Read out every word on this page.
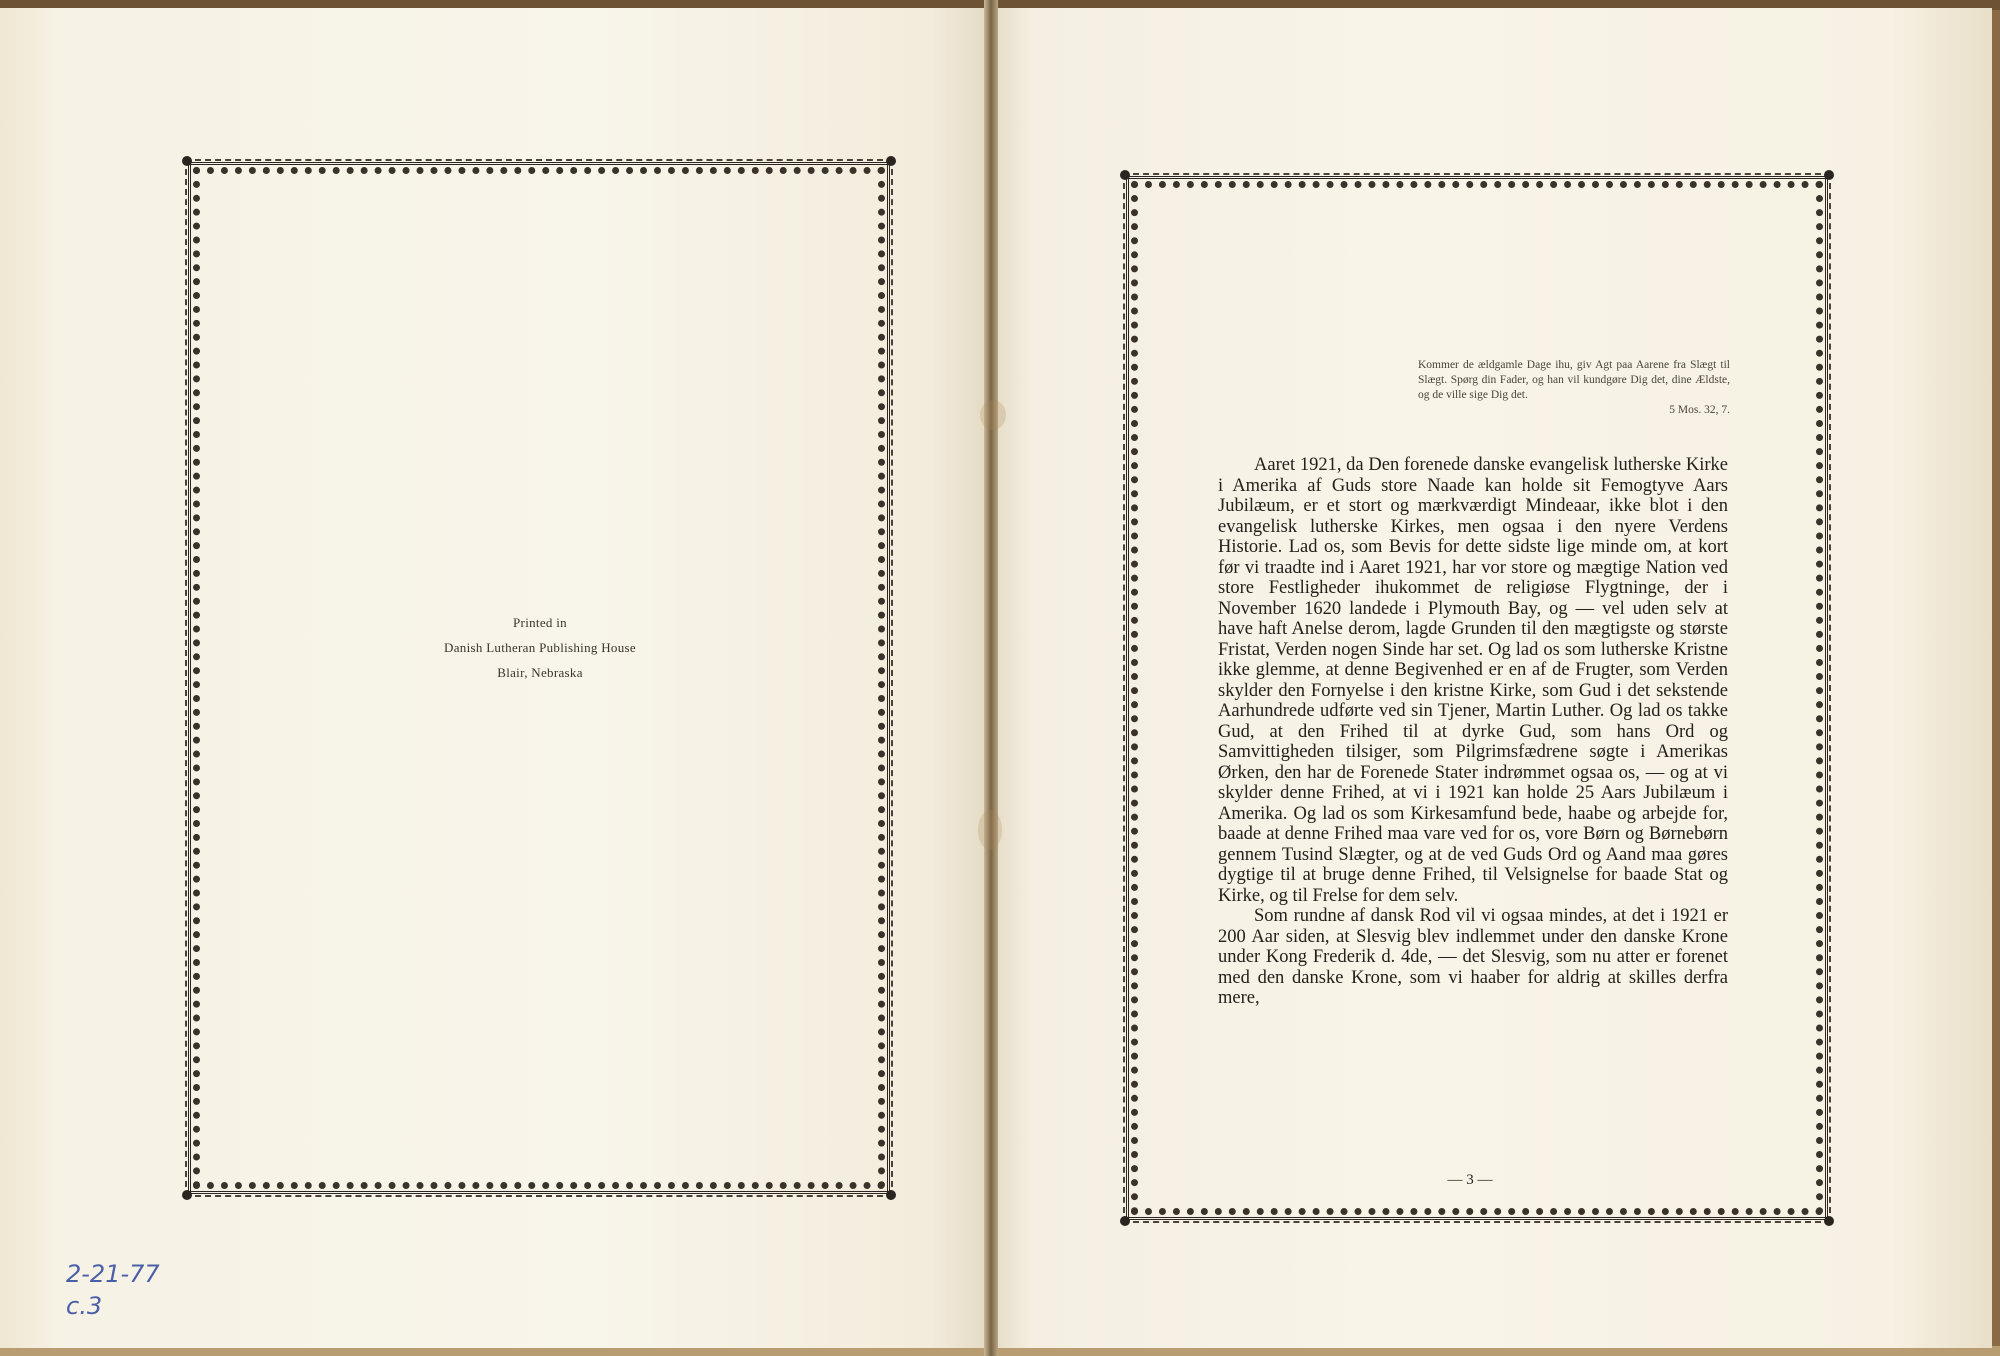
Printed in
Danish Lutheran Publishing House
Blair, Nebraska
2-21-77
c.3
Kommer de ældgamle Dage ihu, giv Agt paa Aarene fra Slægt til Slægt. Spørg din Fader, og han vil kundgøre Dig det, dine Ældste, og de ville sige Dig det.
5 Mos. 32, 7.

Aaret 1921, da Den forenede danske evangelisk lutherske Kirke i Amerika af Guds store Naade kan holde sit Femogtyve Aars Jubilæum, er et stort og mærkværdigt Mindeaar, ikke blot i den evangelisk lutherske Kirkes, men ogsaa i den nyere Verdens Historie. Lad os, som Bevis for dette sidste lige minde om, at kort før vi traadte ind i Aaret 1921, har vor store og mægtige Nation ved store Festligheder ihukommet de religiøse Flygtninge, der i November 1620 landede i Plymouth Bay, og — vel uden selv at have haft Anelse derom, lagde Grunden til den mægtigste og største Fristat, Verden nogen Sinde har set. Og lad os som lutherske Kristne ikke glemme, at denne Begivenhed er en af de Frugter, som Verden skylder den Fornyelse i den kristne Kirke, som Gud i det sekstende Aarhundrede udførte ved sin Tjener, Martin Luther. Og lad os takke Gud, at den Frihed til at dyrke Gud, som hans Ord og Samvittigheden tilsiger, som Pilgrimsfædrene søgte i Amerikas Ørken, den har de Forenede Stater indrømmet ogsaa os, — og at vi skylder denne Frihed, at vi i 1921 kan holde 25 Aars Jubilæum i Amerika. Og lad os som Kirkesamfund bede, haabe og arbejde for, baade at denne Frihed maa vare ved for os, vore Børn og Børnebørn gennem Tusind Slægter, og at de ved Guds Ord og Aand maa gøres dygtige til at bruge denne Frihed, til Velsignelse for baade Stat og Kirke, og til Frelse for dem selv.

Som rundne af dansk Rod vil vi ogsaa mindes, at det i 1921 er 200 Aar siden, at Slesvig blev indlemmet under den danske Krone under Kong Frederik d. 4de, — det Slesvig, som nu atter er forenet med den danske Krone, som vi haaber for aldrig at skilles derfra mere,

— 3 —
